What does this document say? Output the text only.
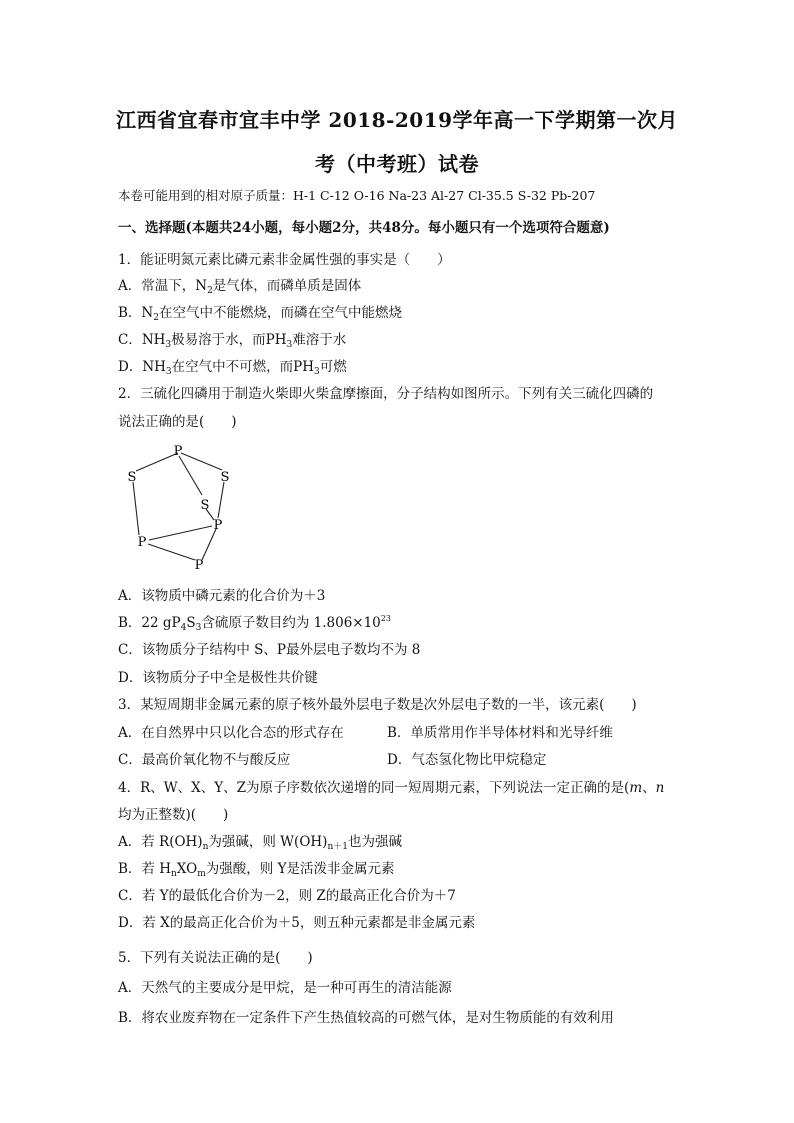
江西省宜春市宜丰中学 2018-2019学年高一下学期第一次月
考（中考班）试卷
本卷可能用到的相对原子质量：H-1 C-12 O-16 Na-23 Al-27 Cl-35.5 S-32 Pb-207
一、选择题(本题共24小题，每小题2分，共48分。每小题只有一个选项符合题意)
1．能证明氮元素比磷元素非金属性强的事实是（　　）
A．常温下，$N_2$是气体，而磷单质是固体
B．$N_2$在空气中不能燃烧，而磷在空气中能燃烧
C．$NH_3$极易溶于水，而$PH_3$难溶于水
D．$NH_3$在空气中不可燃，而$PH_3$可燃
2．三硫化四磷用于制造火柴即火柴盒摩擦面，分子结构如图所示。下列有关三硫化四磷的
说法正确的是(　　)
P
S	S
S
P
P
P
A．该物质中磷元素的化合价为＋3
B．22 $gP_4S_3$含硫原子数目约为 $1.806\times 10^{23}$
C．该物质分子结构中 S、P最外层电子数均不为 8
D．该物质分子中全是极性共价键
3．某短周期非金属元素的原子核外最外层电子数是次外层电子数的一半，该元素(　　)
A．在自然界中只以化合态的形式存在	B．单质常用作半导体材料和光导纤维
C．最高价氧化物不与酸反应	D．气态氢化物比甲烷稳定
4．R、W、X、Y、Z为原子序数依次递增的同一短周期元素，下列说法一定正确的是(m、n
均为正整数)(　　)
A．若 $R(OH)_n$为强碱，则 $W(OH)_{n+1}$也为强碱
B．若 $H_nXO_m$为强酸，则 Y是活泼非金属元素
C．若 Y的最低化合价为－2，则 Z的最高正化合价为＋7
D．若 X的最高正化合价为＋5，则五种元素都是非金属元素
5．下列有关说法正确的是(　　)
A．天然气的主要成分是甲烷，是一种可再生的清洁能源
B．将农业废弃物在一定条件下产生热值较高的可燃气体，是对生物质能的有效利用
